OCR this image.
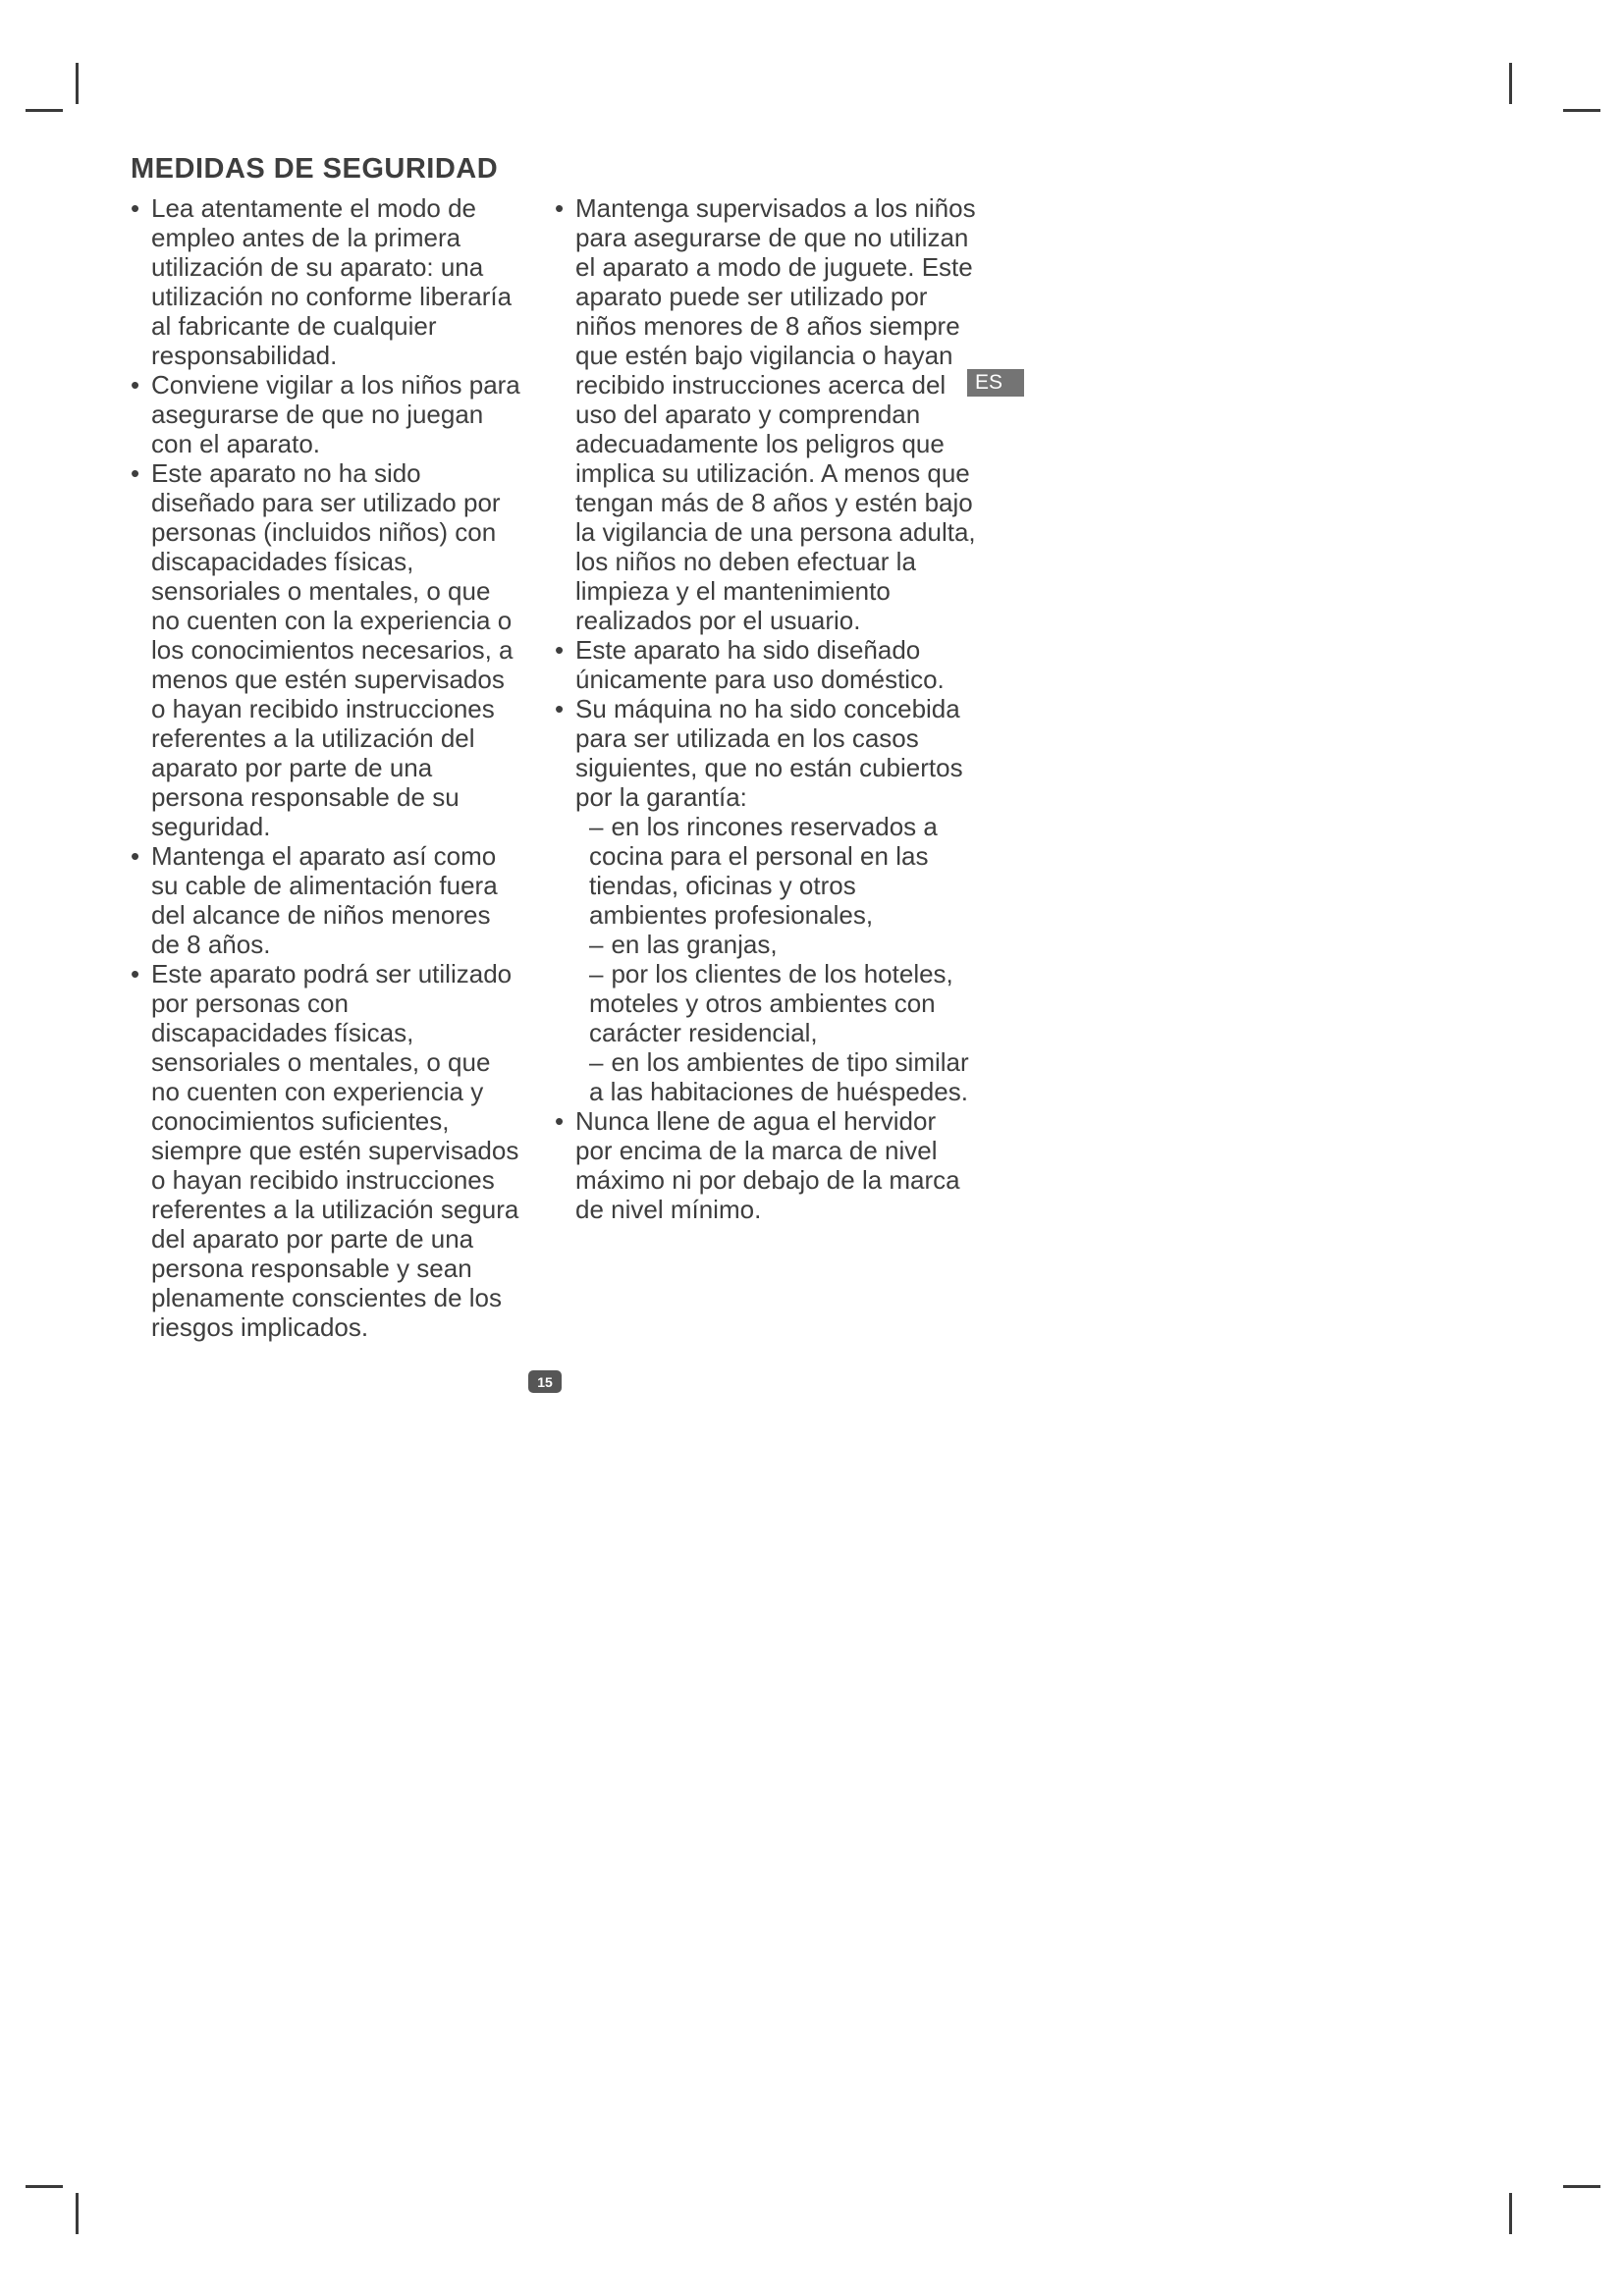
MEDIDAS DE SEGURIDAD
• Lea atentamente el modo de empleo antes de la primera utilización de su aparato: una utilización no conforme liberaría al fabricante de cualquier responsabilidad.
• Conviene vigilar a los niños para asegurarse de que no juegan con el aparato.
• Este aparato no ha sido diseñado para ser utilizado por personas (incluidos niños) con discapacidades físicas, sensoriales o mentales, o que no cuenten con la experiencia o los conocimientos necesarios, a menos que estén supervisados o hayan recibido instrucciones referentes a la utilización del aparato por parte de una persona responsable de su seguridad.
• Mantenga el aparato así como su cable de alimentación fuera del alcance de niños menores de 8 años.
• Este aparato podrá ser utilizado por personas con discapacidades físicas, sensoriales o mentales, o que no cuenten con experiencia y conocimientos suficientes, siempre que estén supervisados o hayan recibido instrucciones referentes a la utilización segura del aparato por parte de una persona responsable y sean plenamente conscientes de los riesgos implicados.
• Mantenga supervisados a los niños para asegurarse de que no utilizan el aparato a modo de juguete. Este aparato puede ser utilizado por niños menores de 8 años siempre que estén bajo vigilancia o hayan recibido instrucciones acerca del uso del aparato y comprendan adecuadamente los peligros que implica su utilización. A menos que tengan más de 8 años y estén bajo la vigilancia de una persona adulta, los niños no deben efectuar la limpieza y el mantenimiento realizados por el usuario.
• Este aparato ha sido diseñado únicamente para uso doméstico.
• Su máquina no ha sido concebida para ser utilizada en los casos siguientes, que no están cubiertos por la garantía:
– en los rincones reservados a cocina para el personal en las tiendas, oficinas y otros ambientes profesionales,
– en las granjas,
– por los clientes de los hoteles, moteles y otros ambientes con carácter residencial,
– en los ambientes de tipo similar a las habitaciones de huéspedes.
• Nunca llene de agua el hervidor por encima de la marca de nivel máximo ni por debajo de la marca de nivel mínimo.
ES
15
